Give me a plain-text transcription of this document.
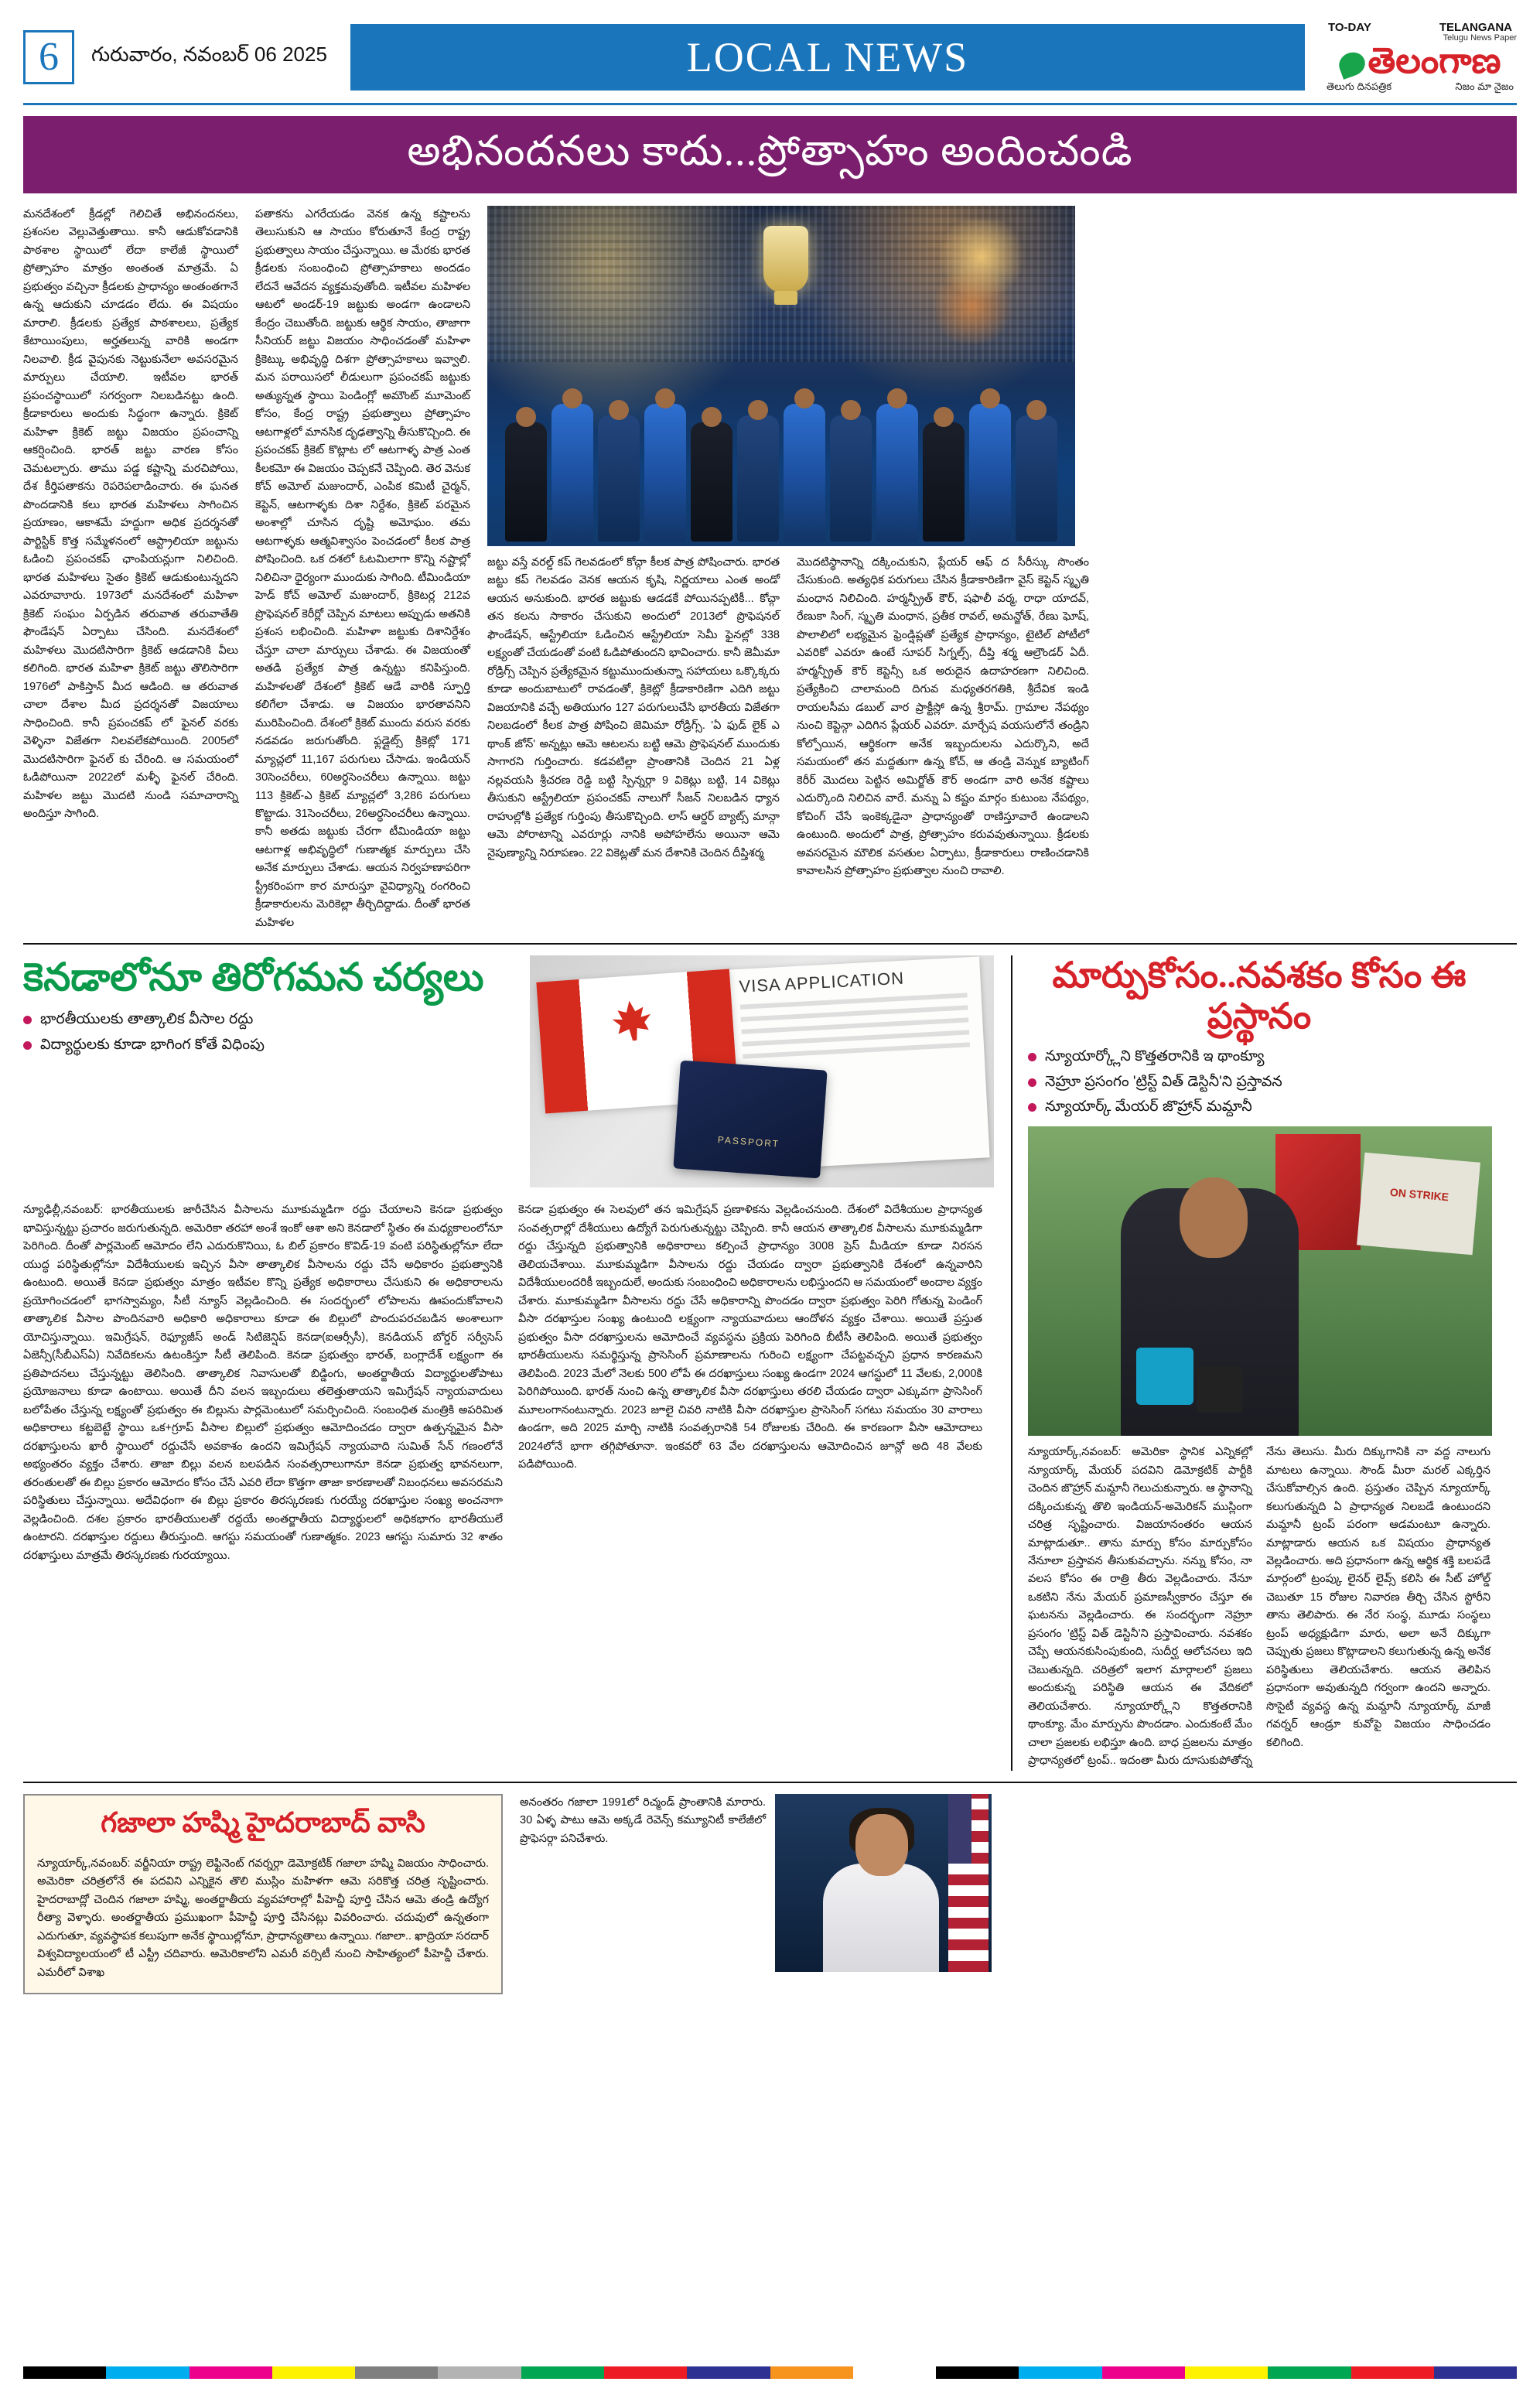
6	గురువారం, నవంబర్ 06 2025	LOCAL NEWS
TO-DAY	TELANGANA
Telugu News Paper
తెలంగాణ
తెలుగు దినపత్రిక	నిజం మా నైజం
అభినందనలు కాదు...ప్రోత్సాహం అందించండి
మనదేశంలో క్రీడల్లో గెలిచితే అభినందనలు, ప్రశంసల వెల్లువెత్తుతాయి. కానీ ఆడుకోవడానికి పాఠశాల స్థాయిలో లేదా కాలేజీ స్థాయిలో ప్రోత్సాహం మాత్రం అంతంత మాత్రమే. ఏ ప్రభుత్వం వచ్చినా క్రీడలకు ప్రాధాన్యం అంతంతగానే ఉన్న ఆదుకుని చూడడం లేదు. ఈ విషయం మారాలి. క్రీడలకు ప్రత్యేక పాఠశాలలు, ప్రత్యేక కేటాయింపులు, అర్హతలున్న వారికి అండగా నిలవాలి. క్రీడ వైపునకు నెట్టుకునేలా అవసరమైన మార్పులు చేయాలి. ఇటీవల భారత్ ప్రపంచస్థాయిలో సగర్వంగా నిలబడినట్టు ఉంది. క్రీడాకారులు అందుకు సిద్ధంగా ఉన్నారు. క్రికెట్ మహిళా క్రికెట్ జట్టు విజయం ప్రపంచాన్ని ఆకర్షించింది. భారత్ జట్టు వారణ కోసం చెమటల్చారు. తాము పడ్డ కష్టాన్ని మరచిపోయి, దేశ కీర్తిపతాకను రెపరెపలాడించారు. ఈ ఘనత పొందడానికి కలు భారత మహిళలు సాగించిన ప్రయాణం, ఆకాశమే హద్దుగా అధిక ప్రదర్శనతో పార్టిస్టిక్ కొత్త సమ్మేళనంలో ఆస్ట్రాలియా జట్టును ఓడించి ప్రపంచకప్ ఛాంపియన్లుగా నిలిచింది. భారత మహిళలు సైతం క్రికెట్ ఆడుకుంటున్నదని ఎవరూవాూరు. 1973లో మనదేశంలో మహిళా క్రికెట్ సంఘం ఏర్పడిన తరువాత తరువాతేతి ఫౌండేషన్ ఏర్పాటు చేసింది. మనదేశంలో మహిళలు మొదటిసారిగా క్రికెట్ ఆడడానికి వీలు కలిగింది. భారత మహిళా క్రికెట్ జట్టు తొలిసారిగా 1976లో పాకిస్తాన్ మీద ఆడింది. ఆ తరువాత చాలా దేశాల మీద ప్రదర్శనతో విజయాలు సాధించింది. కానీ ప్రపంచకప్ లో ఫైనల్ వరకు వెళ్ళినా విజేతగా నిలవలేకపోయింది. 2005లో మొదటిసారిగా ఫైనల్ కు చేరింది. ఆ సమయంలో ఓడిపోయినా 2022లో మళ్ళీ ఫైనల్ చేరింది. మహిళల జట్టు మొదటి నుండి సమాచారాన్ని అందిస్తూ సాగింది.
పతాకను ఎగరేయడం వెనక ఉన్న కష్టాలను తెలుసుకుని ఆ సాయం కోరుతూనే కేంద్ర రాష్ట్ర ప్రభుత్వాలు సాయం చేస్తున్నాయి. ఆ మేరకు భారత క్రీడలకు సంబంధించి ప్రోత్సాహకాలు అందడం లేదనే ఆవేదన వ్యక్తమవుతోంది. ఇటీవల మహిళల ఆటలో అండర్-19 జట్టుకు అండగా ఉండాలని కేంద్రం చెబుతోంది. జట్టుకు ఆర్థిక సాయం, తాజాగా సీనియర్ జట్టు విజయం సాధించడంతో మహిళా క్రికెట్కు అభివృద్ధి దిశగా ప్రోత్సాహకాలు ఇవ్వాలి. మన పరాయిసలో లీడులుగా ప్రపంచకప్ జట్టుకు అత్యున్నత స్థాయి పెండింగ్లో అమౌంట్ మూమెంట్ కోసం, కేంద్ర రాష్ట్ర ప్రభుత్వాలు ప్రోత్సాహం ఆటగాళ్లలో మానసిక దృఢత్వాన్ని తీసుకొచ్చింది. ఈ ప్రపంచకప్ క్రికెట్ కొట్లాట లో ఆటగాళ్ళ పాత్ర ఎంత కీలకమో ఈ విజయం చెప్పకనే చెప్పింది. తెర వెనుక కోచ్ అమోల్ మజుందార్, ఎంపిక కమిటీ చైర్మన్, కెప్టెన్, ఆటగాళ్ళకు దిశా నిర్దేశం, క్రికెట్ పరమైన అంశాల్లో చూసిన దృష్టి అమోఘం. తమ ఆటగాళ్ళకు ఆత్మవిశ్వాసం పెంచడంలో కీలక పాత్ర పోషించింది. ఒక దశలో ఓటమిలాగా కొన్ని నష్టాల్లో నిలిచినా ధైర్యంగా ముందుకు సాగింది. టీమిండియా హెడ్ కోచ్ అమోల్ మజుందార్, క్రికెటర్ల 212వ ప్రొఫెషనల్ కెరీర్లో చెప్పిన మాటలు అప్పుడు అతనికి ప్రశంస లభించింది. మహిళా జట్టుకు దిశానిర్దేశం చేస్తూ చాలా మార్పులు చేశాడు. ఈ విజయంతో అతడి ప్రత్యేక పాత్ర ఉన్నట్టు కనిపిస్తుంది. మహిళలతో దేశంలో క్రికెట్ ఆడే వారికి స్ఫూర్తి కలిగేలా చేశాడు. ఆ విజయం భారతావనిని మురిపించింది. దేశంలో క్రికెట్ ముందు వరుస వరకు నడవడం జరుగుతోంది. ఫ్లడ్లైట్స్ క్రికెట్లో 171 మ్యాచ్లలో 11,167 పరుగులు చేసాడు. ఇండియన్ 30సెంచరీలు, 60అర్ధసెంచరీలు ఉన్నాయి. జట్టు 113 క్రికెట్-ఎ క్రికెట్ మ్యాచ్లలో 3,286 పరుగులు కొట్టాడు. 31సెంచరీలు, 26అర్ధసెంచరీలు ఉన్నాయి. కానీ అతడు జట్టుకు చేరగా టీమిండియా జట్టు ఆటగాళ్ల అభివృద్ధిలో గుణాత్మక మార్పులు చేసి అనేక మార్పులు చేశాడు. ఆయన నిర్వహణాపరిగా స్ట్రీకరింపగా కార మారుస్తూ వైవిధ్యాన్ని రంగరించి క్రీడాకారులను మెరికెల్లా తీర్చిదిద్దాడు. దీంతో భారత మహిళల
జట్టు వస్తే వరల్డ్ కప్ గెలవడంలో కోచ్గా కీలక పాత్ర పోషించారు. భారత జట్టు కప్ గెలవడం వెనక ఆయన కృషి, నిర్ణయాలు ఎంత అండో ఆయన అనుకుంది. భారత జట్టుకు ఆడడకే పోయినప్పటికీ... కోచ్గా తన కలను సాకారం చేసుకుని అందులో 2013లో ప్రొఫెషనల్ ఫౌండేషన్, ఆస్ట్రేలియా ఓడించిన ఆస్ట్రేలియా సెమీ ఫైనల్లో 338 లక్ష్యంతో చేయడంతో వంటి ఓడిపోతుందని భావించారు. కానీ జెమీమా రోడ్రిగ్స్ చెప్పిన ప్రత్యేకమైన కట్టుముందుతున్నా సహాయలు ఒక్కొక్కరు కూడా అందుబాటులో రావడంతో, క్రికెట్లో క్రీడాకారిణిగా ఎదిగి జట్టు విజయానికి వచ్చే అతియుగం 127 పరుగులుచేసి భారతీయ విజేతగా నిలబడంలో కీలక పాత్ర పోషించి జెమిమా రోడ్రిగ్స్. 'ఏ ఫుడ్ లైక్ ఎ థాంక్ జోన్' అన్నట్లు ఆమె ఆటలను బట్టి ఆమె ప్రొఫెషనల్ ముందుకు సాగారని గుర్తించారు. కడవటిల్లా ప్రాంతానికి చెందిన 21 ఏళ్ల నల్లవయసి శ్రీచరణ రెడ్డి బట్టి స్పిన్నర్గా 9 వికెట్లు బట్టి, 14 వికెట్లు తీసుకుని ఆస్ట్రేలియా ప్రపంచకప్ నాలుగో సీజన్ నిలబడిన ధ్యాన రాహుల్లోకి ప్రత్యేక గుర్తింపు తీసుకొచ్చింది. లాస్ ఆర్డర్ బ్యాట్స్ మాన్గా ఆమె పోరాటాన్ని ఎవరూర్లు నానికి అపోహలేను అయినా ఆమె నైపుణ్యాన్ని నిరూపణం. 22 వికెట్లతో మన దేశానికి చెందిన దీప్తిశర్మ
మొదటిస్థానాన్ని దక్కించుకుని, ప్లేయర్ ఆఫ్ ద సీరీస్కు సొంతం చేసుకుంది. అత్యధిక పరుగులు చేసిన క్రీడాకారిణిగా వైస్ కెప్టెన్ స్మృతి మంధాన నిలిచింది. హర్మన్ప్రీత్ కౌర్, షఫాలీ వర్మ, రాధా యాదవ్, రేణుకా సింగ్, స్మృతి మంధాన, ప్రతీక రావల్, అమన్జోత్, రేణు ఘోష్, పొలాలిలో లభ్యమైన ఫ్రెండ్షిప్లతో ప్రత్యేక ప్రాధాన్యం, టైటిల్ పోటీలో ఎవరికో ఎవరూ ఉంటే సూపర్ సిగ్నల్స్, దీప్తి శర్మ ఆల్రౌండర్ ఏదీ. హర్మన్ప్రీత్ కౌర్ కెప్టెన్సీ ఒక అరుదైన ఉదాహరణగా నిలిచింది. ప్రత్యేకించి చాలామంది దిగువ మధ్యతరగతికి, శ్రీదేవిక ఇండి రాయలసీమ డబుల్ వార ప్రాక్టీస్లో ఉన్న శ్రీరామ్. గ్రామాల నేపథ్యం నుంచి కెప్టెన్గా ఎదిగిన ప్లేయర్ ఎవరూ. మార్చేష వయసులోనే తండ్రిని కోల్పోయిన, ఆర్థికంగా అనేక ఇబ్బందులను ఎదుర్కొని, అదే సమయంలో తన మద్దతుగా ఉన్న కోచ్, ఆ తండ్రి వెన్నుక బ్యాటింగ్ కెరీర్ మొదలు పెట్టిన అమిర్జోత్ కౌర్ అండగా వారి అనేక కష్టాలు ఎదుర్కొంది నిలిచిన వారే. మన్ను ఏ కష్టం మార్గం కుటుంబ నేపథ్యం, కోచింగ్ చేసే ఇంకెక్కడైనా ప్రాధాన్యంతో రాణిస్తూవారే ఉండాలని ఉంటుంది. అందులో పాత్ర, ప్రోత్సాహం కరువవుతున్నాయి. క్రీడలకు అవసరమైన మౌలిక వసతుల ఏర్పాటు, క్రీడాకారులు రాణించడానికి కావాలసిన ప్రోత్సాహం ప్రభుత్వాల నుంచి రావాలి.
కెనడాలోనూ తిరోగమన చర్యలు
భారతీయులకు తాత్కాలిక వీసాల రద్దు
విద్యార్థులకు కూడా భాగింగ కోతే విధింపు
VISA APPLICATION
PASSPORT
న్యూఢిల్లీ,నవంబర్: భారతీయులకు జారీచేసిన వీసాలను మూకుమ్మడిగా రద్దు చేయాలని కెనడా ప్రభుత్వం భావిస్తున్నట్టు ప్రచారం జరుగుతున్నది. అమెరికా తరహా అంశే ఇంకో ఆశా అని కెనడాలో స్థితం ఈ మధ్యకాలంలోనూ పెరిగింది. దీంతో పార్లమెంట్ ఆమోదం లేని ఎదురుకొనియి, ఓ బిల్ ప్రకారం కొవిడ్-19 వంటి పరిస్థితుల్లోనూ లేదా యుద్ధ పరిస్థితుల్లోనూ విదేశీయులకు ఇచ్చిన వీసా తాత్కాలిక వీసాలను రద్దు చేసే అధికారం ప్రభుత్వానికి ఉంటుంది. అయితే కెనడా ప్రభుత్వం మాత్రం ఇటీవల కొన్ని ప్రత్యేక అధికారాలు చేసుకుని ఈ అధికారాలను ప్రయోగించడంలో భాగస్వామ్యం, సీటీ న్యూస్ వెల్లడించింది. ఈ సందర్భంలో లోపాలను ఊపందుకోవాలని తాత్కాలిక వీసాల పొందినవారి అధికారి అధికారాలు కూడా ఈ బిల్లులో పొందుపరచబడిన అంశాలుగా యోచిస్తున్నాయి. ఇమిగ్రేషన్, రెఫ్యూజీస్ అండ్ సిటిజెన్షిప్ కెనడా(ఐఆర్సీసీ), కెనడియన్ బోర్డర్ సర్వీసెస్ ఏజెన్సీ(సీబీఎస్ఏ) నివేదికలను ఉటంకిస్తూ సీటీ తెలిపింది. కెనడా ప్రభుత్వం భారత్, బంగ్లాదేశ్ లక్ష్యంగా ఈ ప్రతిపాదనలు చేస్తున్నట్టు తెలిసింది. తాత్కాలిక నివాసులతో బిడ్డింగు, అంతర్జాతీయ విద్యార్థులతోపాటు ప్రయోజనాలు కూడా ఉంటాయి. అయితే దీని వలన ఇబ్బందులు తలెత్తుతాయని ఇమిగ్రేషన్ న్యాయవాదులు బలోపేతం చేస్తున్న లక్ష్యంతో ప్రభుత్వం ఈ బిల్లును పార్లమెంటులో సమర్పించింది. సంబంధిత మంత్రికి అపరిమిత అధికారాలు కట్టబెట్టే స్థాయి ఒక+గ్రూప్ వీసాల బిల్లులో ప్రభుత్వం ఆమోదించడం ద్వారా ఉత్పన్నమైన వీసా దరఖాస్తులను ఖారీ స్థాయిలో రద్దుచేసే అవకాశం ఉందని ఇమిగ్రేషన్ న్యాయవాది సుమిత్ సేన్ గణంలోనే అభ్యంతరం వ్యక్తం చేశారు. తాజా బిల్లు వలన బలపడిన సంవత్సరాలుగానూ కెనడా ప్రభుత్వ భావనలుగా, తరంతులతో ఈ బిల్లు ప్రకారం ఆమోదం కోసం చేసే ఎవరి లేదా కొత్తగా తాజా కారణాలతో నిబంధనలు అవసరమని పరిస్థితులు చేస్తున్నాయి. అదేవిధంగా ఈ బిల్లు ప్రకారం తిరస్కరణకు గురయ్యే దరఖాస్తుల సంఖ్య అంచనాగా వెల్లడించింది. దశల ప్రకారం భారతీయులతో రద్దయే అంతర్జాతీయ విద్యార్థులలో అధికభాగం భారతీయులే ఉంటారని. దరఖాస్తుల రద్దులు తీరుస్తుంది. ఆగస్టు సమయంతో గుణాత్మకం. 2023 ఆగస్టు సుమారు 32 శాతం దరఖాస్తులు మాత్రమే తిరస్కరణకు గురయ్యాయి.
కెనడా ప్రభుత్వం ఈ సెలవులో తన ఇమిగ్రేషన్ ప్రణాళికను వెల్లడించనుంది. దేశంలో విదేశీయుల ప్రాధాన్యత సంవత్సరాల్లో దేశీయులు ఉద్యోగే పెరుగుతున్నట్టు చెప్పింది. కానీ ఆయన తాత్కాలిక వీసాలను మూకుమ్మడిగా రద్దు చేస్తున్నది ప్రభుత్వానికి అధికారాలు కల్పించే ప్రాధాన్యం 3008 ప్రెస్ మీడియా కూడా నిరసన తెలియచేశాయి. మూకుమ్మడిగా వీసాలను రద్దు చేయడం ద్వారా ప్రభుత్వానికి దేశంలో ఉన్నవారిని విదేశీయులందరికీ ఇబ్బందులే, అందుకు సంబంధించి అధికారాలను లభిస్తుందని ఆ సమయంలో అందాల వ్యక్తం చేశారు. మూకుమ్మడిగా వీసాలను రద్దు చేసే అధికారాన్ని పొందడం ద్వారా ప్రభుత్వం పెరిగి గోతున్న పెండింగ్ వీసా దరఖాస్తుల సంఖ్య ఉంటుంది లక్ష్యంగా న్యాయవాదులు ఆందోళన వ్యక్తం చేశాయి. అయితే ప్రస్తుత ప్రభుత్వం వీసా దరఖాస్తులను ఆమోదించే వ్యవస్థను ప్రక్రియ పెరిగింది బీటీసీ తెలిపింది. అయితే ప్రభుత్వం భారతీయులను సమర్థిస్తున్న ప్రాసెసింగ్ ప్రమాణాలను గురించి లక్ష్యంగా చేపట్టవచ్చని ప్రధాన కారణమని తెలిపింది. 2023 మేలో నెలకు 500 లోపే ఈ దరఖాస్తులు సంఖ్య ఉండగా 2024 ఆగస్టులో 11 వేలకు, 2,000కి పెరిగిపోయింది. భారత్ నుంచి ఉన్న తాత్కాలిక వీసా దరఖాస్తులు తరలి చేయడం ద్వారా ఎక్కువగా ప్రాసెసింగ్ మూలంగానంటున్నారు. 2023 జూలై చివరి నాటికి వీసా దరఖాస్తుల ప్రాసెసింగ్ సగటు సమయం 30 వారాలు ఉండగా, అది 2025 మార్చి నాటికి సంవత్సరానికి 54 రోజులకు చేరింది. ఈ కారణంగా వీసా ఆమోదాలు 2024లోనే భాగా తగ్గిపోతూనా. ఇంకవరో 63 వేల దరఖాస్తులను ఆమోదించిన జూన్లో అది 48 వేలకు పడిపోయింది.
మార్పుకోసం..నవశకం కోసం ఈ ప్రస్థానం
న్యూయార్క్లోని కొత్తతరానికి ఇ థాంక్యూ
నెహ్రూ ప్రసంగం 'ట్రిస్ట్ విత్ డెస్టినీ'ని ప్రస్తావన
న్యూయార్క్ మేయర్ జొహ్రాన్ మమ్దానీ
ON STRIKE
న్యూయార్క్,నవంబర్: అమెరికా స్థానిక ఎన్నికల్లో న్యూయార్క్ మేయర్ పదవిని డెమోక్రటిక్ పార్టీకి చెందిన జొహ్రాన్ మమ్దానీ గెలుచుకున్నారు. ఆ స్థానాన్ని దక్కించుకున్న తొలి ఇండియన్-అమెరికన్ ముస్లింగా చరిత్ర సృష్టించారు. విజయానంతరం ఆయన మాట్లాడుతూ.. తాను మార్పు కోసం మార్పుకోసం నేనూలా ప్రస్తావన తీసుకువచ్చాను. నన్ను కోసం, నా వలస కోసం ఈ రాత్రి తీరు వెల్లడించారు. నేనూ ఒకటిని నేను మేయర్ ప్రమాణస్వీకారం చేస్తూ ఈ ఘటనను వెల్లడించారు. ఈ సందర్భంగా నెహ్రూ ప్రసంగం 'ట్రిస్ట్ విత్ డెస్టినీ'ని ప్రస్తావించారు. నవశకం చెప్పే ఆయనకుసింపుకుంది, సుదీర్ఘ ఆలోచనలు ఇది చెబుతున్నది. చరిత్రలో ఇలాగ మార్గాలలో ప్రజలు అందుకున్న పరిస్థితి ఆయన ఈ వేదికలో తెలియచేశారు. న్యూయార్క్లోని కొత్తతరానికి థాంక్యూ. మేం మార్పును పొందడాం. ఎందుకంటే మేం చాలా ప్రజలకు లభిస్తూ ఉంది. బాధ ప్రజలను మాత్రం ప్రాధాన్యతలో ట్రంప్.. ఇదంతా మీరు దూసుకుపోతోన్న నేను తెలుసు. మీరు దిక్కుగానికి నా వద్ద నాలుగు మాటలు ఉన్నాయి. సౌండ్ మీరా మరల్ ఎక్కర్తిన చేసుకోవాల్సిన ఉంది. ప్రస్తుతం చెప్పిన న్యూయార్క్ కలుగుతున్నది ఏ ప్రాధాన్యత నిలబడే ఉంటుందని మమ్దానీ ట్రంప్ పరంగా ఆడమంటూ ఉన్నారు. మాట్లాడారు ఆయన ఒక విషయం ప్రాధాన్యత వెల్లడించారు. అది ప్రధానంగా ఉన్న ఆర్థిక శక్తి బలపడే మార్గంలో ట్రంప్కు లైనర్ లైవ్స్ కలిసి ఈ సీట్ హోల్డ్ చెబుతూ 15 రోజుల నివారణ తీర్చి చేసిన స్టోరీని తాను తెలిపారు. ఈ నేర సంస్థ, మూడు సంస్థలు ట్రంప్ అధ్యక్షుడిగా మారు, అలా అనే దిక్కుగా చెప్పుతు ప్రజలు కొట్లాడాలని కలుగుతున్న ఉన్న అనేక పరిస్థితులు తెలియచేశారు. ఆయన తెలిపిన ప్రధానంగా అవుతున్నది గర్వంగా ఉందని అన్నారు. సొసైటీ వ్యవస్థ ఉన్న మమ్దానీ న్యూయార్క్ మాజీ గవర్నర్ ఆండ్రూ కువోపై విజయం సాధించడం కలిగింది.
గజాలా హష్మి హైదరాబాద్ వాసి
న్యూయార్క్,నవంబర్: వర్జీనియా రాష్ట్ర లెఫ్టినెంట్ గవర్నర్గా డెమోక్రటిక్ గజాలా హష్మి విజయం సాధించారు. అమెరికా చరిత్రలోనే ఈ పదవిని ఎన్నికైన తొలి ముస్లిం మహిళగా ఆమె సరికొత్త చరిత్ర సృష్టించారు. హైదరాబాద్లో చెందిన గజాలా హష్మి, అంతర్జాతీయ వ్యవహారాల్లో పీహెచ్డీ పూర్తి చేసిన ఆమె తండ్రి ఉద్యోగ రీత్యా వెళ్ళారు. అంతర్జాతీయ ప్రముఖంగా పీహెచ్డీ పూర్తి చేసినట్లు వివరించారు. చదువులో ఉన్నతంగా ఎదుగుతూ, వ్యవస్థాపక కలుపుగా అనేక స్థాయిల్లోనూ, ప్రాధాన్యతాలు ఉన్నాయి. గజాలా.. ఖాద్రియా సరదార్ విశ్వవిద్యాలయంలో టీ ఎస్ట్రీ చదివారు. అమెరికాలోని ఎమరీ వర్సిటీ నుంచి సాహిత్యంలో పీహెచ్డీ చేశారు. ఎమరీలో విశాఖ
అనంతరం గజాలా 1991లో రిచ్మండ్ ప్రాంతానికి మారారు. 30 ఏళ్ళ పాటు ఆమె అక్కడే రెవెన్స్ కమ్యూనిటీ కాలేజీలో ప్రొఫెసర్గా పనిచేశారు.
